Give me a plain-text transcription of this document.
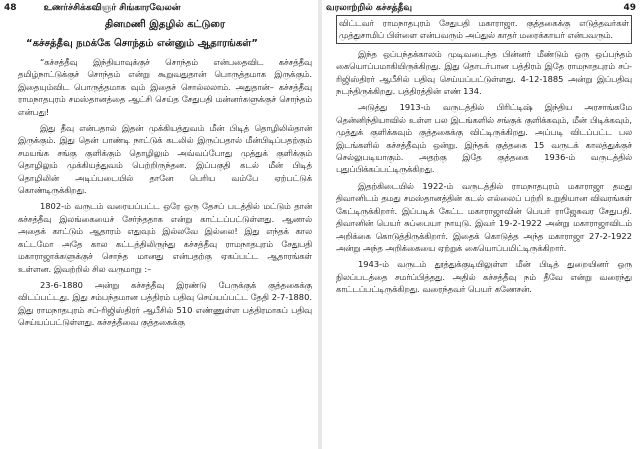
48	உணர்ச்சிக்கவிஞர் சிங்காரவேலன்
தினமணி இதழில் கட்டுரை
“கச்சத்தீவு நமக்கே சொந்தம் என்னும் ஆதாரங்கள்”

“கச்சத்தீவு இந்தியாவுக்குச் சொந்தம் என்பதைவிட கச்சத்தீவு தமிழ்நாட்டுக்குச் சொந்தம் என்று கூறுவதுதான் பொருத்தமாக இருக்கும். இதையும்விட பொருத்தமாக வும் இதைச் சொல்லலாம். அதுதான்– கச்சத்தீவு ராமநாதபுரம் சமஸ்தானத்தை ஆட்சி செய்த சேதுபதி மன்னர்களுக்குச் சொந்தம் என்பது!

இது தீவு என்பதால் இதன் முக்கியத்துவம் மீன் பிடித் தொழிலில்தான் இருக்கும். இது தென் பாண்டி நாட்டுக் கடலில் இருப்பதால் மீன்பிடிப்பதற்கும் சமயங்க சங்கு குளிக்கும் தொழிலும் அவ்வப்போது முத்துக் குளிக்கும் தொழிலும் முக்கியத்துவம் பெற்றிருந்தன. இப்பகுதி கடல் மீன் பிடித் தொழிலின் அடிப்படையில் தானே பெரிய வம்பே ஏற்பட்டுக் கொண்டிருக்கிறது.

1802-ம் வருடம் வரையப்பட்ட ஒரே ஒரு தேசப் படத்தில் மட்டும் தான் கச்சத்தீவு இலங்கையைச் சேர்ந்ததாக என்று காட்டப்பட்டுள்ளது. ஆனால் அதைக் காட்டும் ஆதாரம் எதுவும் இல்லவே இல்லை! இது எந்தக் கால கட்டமோ அதே கால கட்டத்திலிருந்து கச்சத்தீவு ராமநாதபுரம் சேதுபதி மகாராஜாக்களுக்குச் சொந்த மானது என்பதற்கு ஏகப்பட்ட ஆதாரங்கள் உள்ளன. இவற்றில் சில வருமாறு :–

23-6-1880 அன்று கச்சத்தீவு இரண்டு பேருக்குக் குத்தகைக்கு விடப்பட்டது. இது சம்பந்தமான பத்திரம் பதிவு செய்யப்பட்ட தேதி 2-7-1880. இது ராமநாதபுரம் சப்-ரிஜிஸ்திரர் ஆபீசில் 510 எண்ணுள்ள பத்திரமாகப் பதிவு செய்யப்பட்டுள்ளது. கச்சத்தீவை குத்தகைக்கு

வரலாற்றில் கச்சத்தீவு	49

விட்டவர் ராமநாதபுரம் சேதுபதி மகாராஜா. குத்தகைக்கு எடுத்தவர்கள் முத்துசாமிப் பிள்ளை என்பவரும் அப்துல் காதர் மரைக்காயர் என்பவரும்.

இந்த ஒப்பந்தக்காலம் முடிவடைந்த பின்னர் மீண்டும் ஒரு ஒப்பந்தம் கையொப்பமாகியிருக்கிறது. இது தொடர்பான பத்திரம் இதே ராமநாதபுரம் சப்-ரிஜிஸ்திரர் ஆபீசில் பதிவு செய்யப்பட்டுள்ளது. 4-12-1885 அன்று இப்பதிவு நடந்திருக்கிறது. பத்திரத்தின் எண் 134.

அடுத்து 1913-ம் வருடத்தில் பிரிட்டிஷ் இந்திய அரசாங்கமே தென்னிந்தியாவில் உள்ள பல இடங்களில் சங்குக் குளிக்கவும், மீன் பிடிக்கவும், முத்துக் குளிக்கவும் குத்தகைக்கு விட்டிருக்கிறது. அப்படி விடப்பட்ட பல இடங்களில் கச்சத்தீவும் ஒன்று. இந்தக் குத்தகை 15 வருடக் காலத்துக்குச் செல்லுபடியாகும். அதற்கு இதே குத்தகை 1936-ம் வருடத்தில் புதுப்பிக்கப்பட்டிருக்கிறது.

இதற்கிடையில் 1922-ம் வருடத்தில் ராமநாதபுரம் மகாராஜா தமது திவானிடம் தமது சமஸ்தானத்தின் கடல் எல்லைப் பற்றி உறுதியான விவரங்கள் கேட்டிருக்கிறார். இப்படிக் கேட்ட மகாராஜாவின் பெயர் ராஜேசுவர சேதுபதி. திவானின் பெயர் சுப்பையா நாயுடு. இவர் 19-2-1922 அன்று மகாராஜாவிடம் அறிக்கை கொடுத்திருக்கிறார். இதைக் கொடுத்த அந்த மகாராஜா 27-2-1922 அன்று அந்த அறிக்கையை ஏற்றுக் கையொப்பமிட்டிருக்கிறார்.

1943-ம் வருடம் தூத்துக்குடியிலுள்ள மீன் பிடித் துறையினர் ஒரு நிலப்படத்தை சமர்ப்பித்தது. அதில் கச்சத்தீவு நம் தீவே என்று வரைந்து காட்டப்பட்டிருக்கிறது. வரைந்தவர் பெயர் கணேசன்.
